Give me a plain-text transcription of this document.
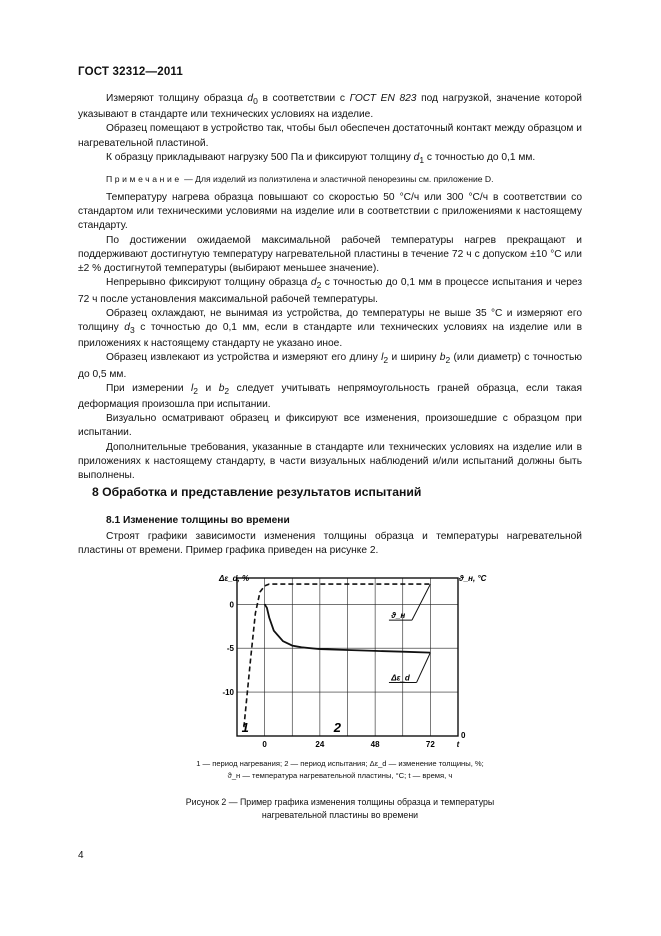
ГОСТ 32312—2011

Измеряют толщину образца $d_0$ в соответствии с ГОСТ EN 823 под нагрузкой, значение которой указывают в стандарте или технических условиях на изделие.

Образец помещают в устройство так, чтобы был обеспечен достаточный контакт между образцом и нагревательной пластиной.

К образцу прикладывают нагрузку 500 Па и фиксируют толщину $d_1$ с точностью до 0,1 мм.

Примечание — Для изделий из полиэтилена и эластичной пенорезины см. приложение D.

Температуру нагрева образца повышают со скоростью 50 °С/ч или 300 °С/ч в соответствии со стандартом или техническими условиями на изделие или в соответствии с приложениями к настоящему стандарту.

По достижении ожидаемой максимальной рабочей температуры нагрев прекращают и поддерживают достигнутую температуру нагревательной пластины в течение 72 ч с допуском ±10 °С или ±2 % достигнутой температуры (выбирают меньшее значение).

Непрерывно фиксируют толщину образца $d_2$ с точностью до 0,1 мм в процессе испытания и через 72 ч после установления максимальной рабочей температуры.

Образец охлаждают, не вынимая из устройства, до температуры не выше 35 °С и измеряют его толщину $d_3$ с точностью до 0,1 мм, если в стандарте или технических условиях на изделие или в приложениях к настоящему стандарту не указано иное.

Образец извлекают из устройства и измеряют его длину $l_2$ и ширину $b_2$ (или диаметр) с точностью до 0,5 мм.

При измерении $l_2$ и $b_2$ следует учитывать непрямоугольность граней образца, если такая деформация произошла при испытании.

Визуально осматривают образец и фиксируют все изменения, произошедшие с образцом при испытании.

Дополнительные требования, указанные в стандарте или технических условиях на изделие или в приложениях к настоящему стандарту, в части визуальных наблюдений и/или испытаний должны быть выполнены.

8 Обработка и представление результатов испытаний
8.1 Изменение толщины во времени

Строят графики зависимости изменения толщины образца и температуры нагревательной пластины от времени. Пример графика приведен на рисунке 2.

Δε_d, %	ϑ_н, °C
0
-5
-10
0
0	24	48	72	t
1	2
ϑ_н
Δε_d
1 — период нагревания; 2 — период испытания; Δε_d — изменение толщины, %;
ϑ_н — температура нагревательной пластины, °С; t — время, ч
Рисунок 2 — Пример графика изменения толщины образца и температуры
нагревательной пластины во времени
4
